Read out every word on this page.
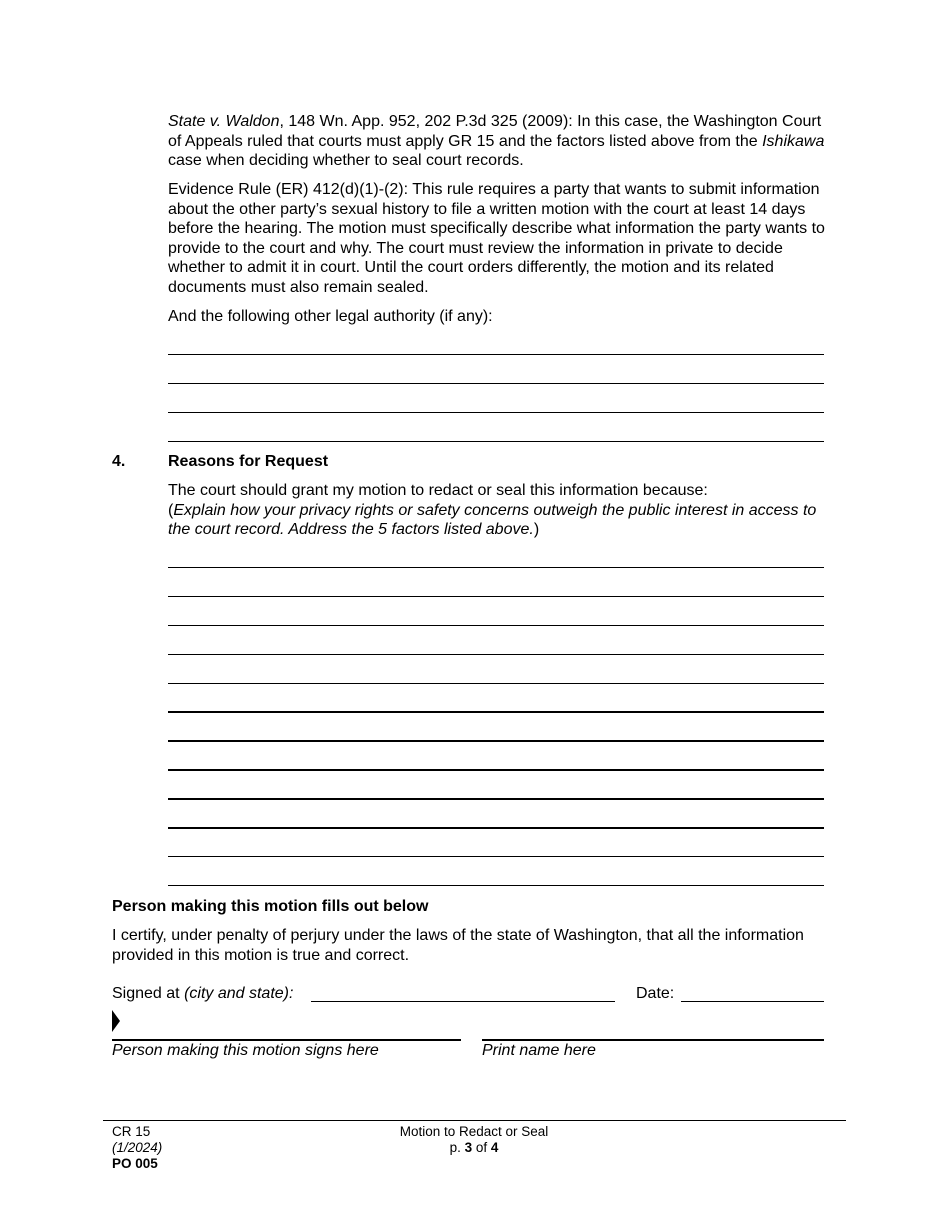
State v. Waldon, 148 Wn. App. 952, 202 P.3d 325 (2009): In this case, the Washington Court of Appeals ruled that courts must apply GR 15 and the factors listed above from the Ishikawa case when deciding whether to seal court records.

Evidence Rule (ER) 412(d)(1)-(2): This rule requires a party that wants to submit information about the other party’s sexual history to file a written motion with the court at least 14 days before the hearing. The motion must specifically describe what information the party wants to provide to the court and why. The court must review the information in private to decide whether to admit it in court. Until the court orders differently, the motion and its related documents must also remain sealed.

And the following other legal authority (if any):

4.	Reasons for Request

The court should grant my motion to redact or seal this information because:
(Explain how your privacy rights or safety concerns outweigh the public interest in access to the court record. Address the 5 factors listed above.)

Person making this motion fills out below

I certify, under penalty of perjury under the laws of the state of Washington, that all the information provided in this motion is true and correct.

Signed at (city and state):	Date:
Person making this motion signs here	Print name here
CR 15
(1/2024)
PO 005
Motion to Redact or Seal
p. 3 of 4
